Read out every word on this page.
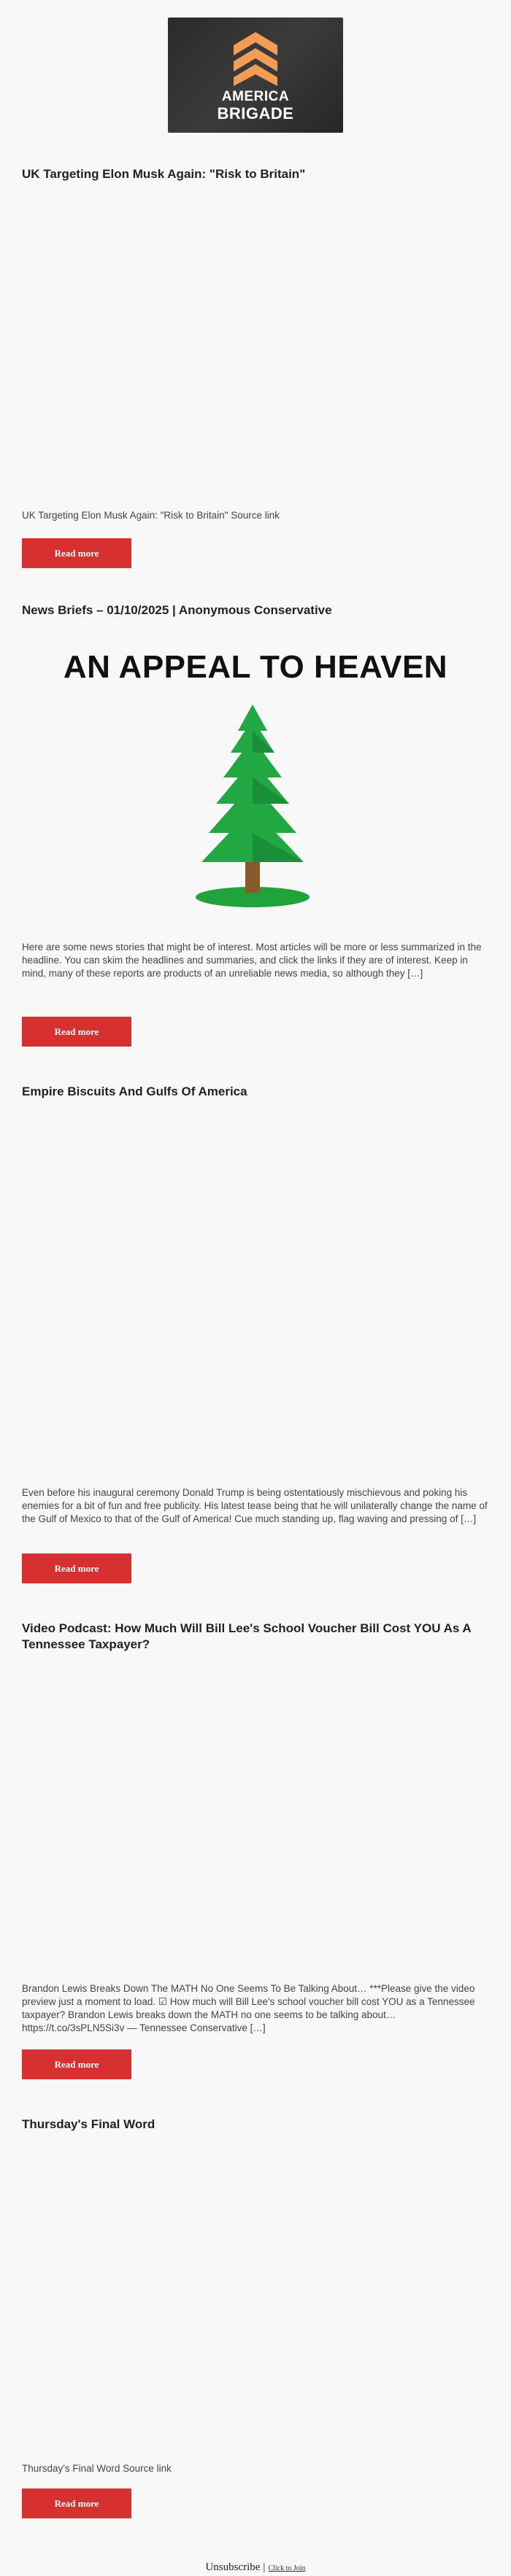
AMERICA
BRIGADE
UK Targeting Elon Musk Again: "Risk to Britain"

UK Targeting Elon Musk Again: "Risk to Britain" Source link

Read more
News Briefs – 01/10/2025 | Anonymous Conservative
AN APPEAL TO HEAVEN

Here are some news stories that might be of interest. Most articles will be more or less summarized in the headline. You can skim the headlines and summaries, and click the links if they are of interest. Keep in mind, many of these reports are products of an unreliable news media, so although they […]

Read more
Empire Biscuits And Gulfs Of America

Even before his inaugural ceremony Donald Trump is being ostentatiously mischievous and poking his enemies for a bit of fun and free publicity. His latest tease being that he will unilaterally change the name of the Gulf of Mexico to that of the Gulf of America! Cue much standing up, flag waving and pressing of […]

Read more
Video Podcast: How Much Will Bill Lee's School Voucher Bill Cost YOU As A Tennessee Taxpayer?

Brandon Lewis Breaks Down The MATH No One Seems To Be Talking About… ***Please give the video preview just a moment to load. ☑ How much will Bill Lee's school voucher bill cost YOU as a Tennessee taxpayer? Brandon Lewis breaks down the MATH no one seems to be talking about… https://t.co/3sPLN5Si3v — Tennessee Conservative […]

Read more
Thursday's Final Word

Thursday's Final Word Source link

Read more
Unsubscribe | Click to Join
